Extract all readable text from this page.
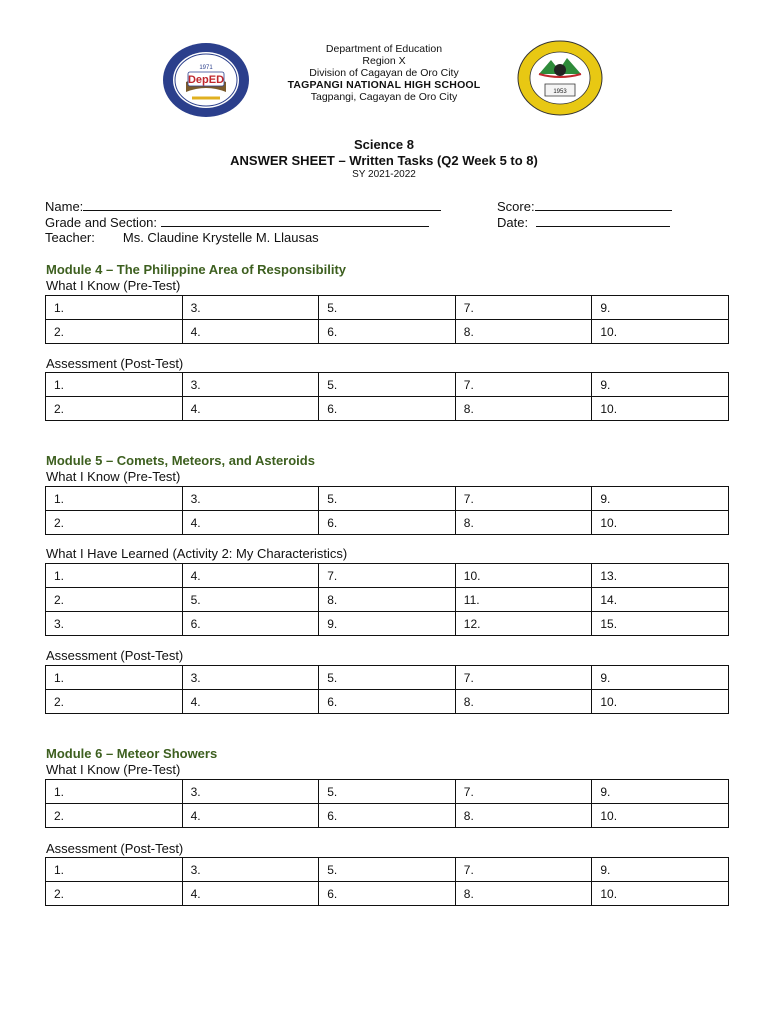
DepED
1971
Department of Education
Region X
Division of Cagayan de Oro City
TAGPANGI NATIONAL HIGH SCHOOL
Tagpangi, Cagayan de Oro City	1953
Science 8
ANSWER SHEET – Written Tasks (Q2 Week 5 to 8)
SY 2021-2022
Name:
Grade and Section:
Teacher: Ms. Claudine Krystelle M. Llausas
Score:
Date:
Module 4 – The Philippine Area of Responsibility
What I Know (Pre-Test)
1.	3.	5.	7.	9.
2.	4.	6.	8.	10.
Assessment (Post-Test)
1.	3.	5.	7.	9.
2.	4.	6.	8.	10.
Module 5 – Comets, Meteors, and Asteroids
What I Know (Pre-Test)
1.	3.	5.	7.	9.
2.	4.	6.	8.	10.
What I Have Learned (Activity 2: My Characteristics)
1.	4.	7.	10.	13.
2.	5.	8.	11.	14.
3.	6.	9.	12.	15.
Assessment (Post-Test)
1.	3.	5.	7.	9.
2.	4.	6.	8.	10.
Module 6 – Meteor Showers
What I Know (Pre-Test)
1.	3.	5.	7.	9.
2.	4.	6.	8.	10.
Assessment (Post-Test)
1.	3.	5.	7.	9.
2.	4.	6.	8.	10.
